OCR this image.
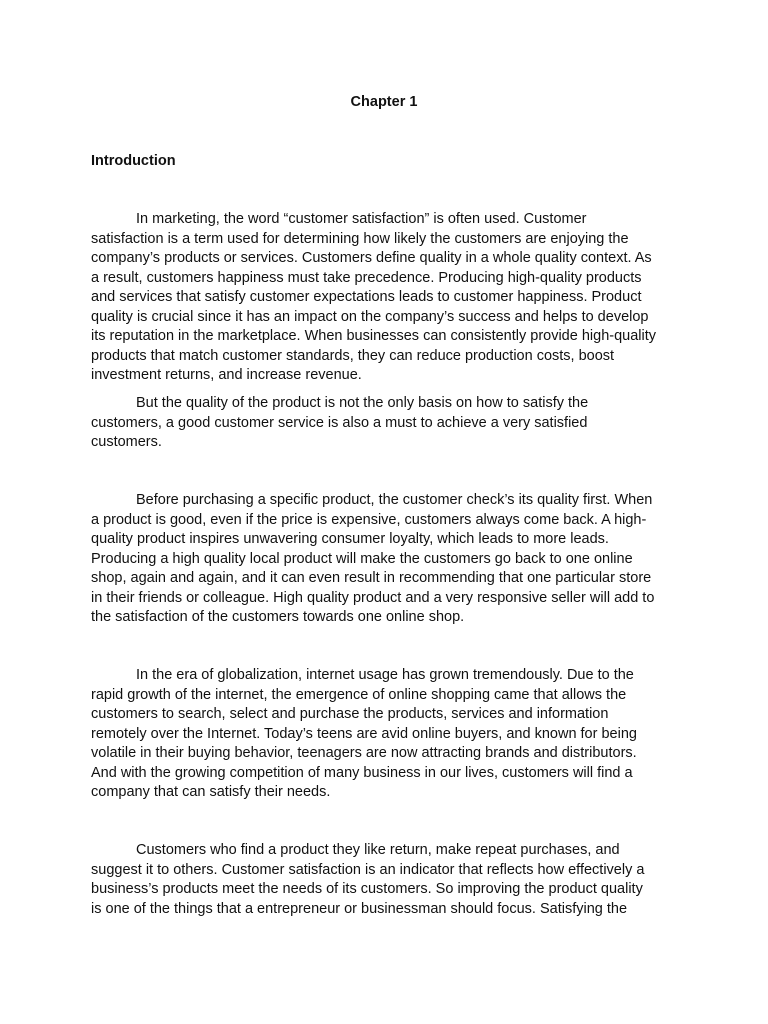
Chapter 1
Introduction

In marketing, the word “customer satisfaction” is often used. Customer
satisfaction is a term used for determining how likely the customers are enjoying the
company’s products or services. Customers define quality in a whole quality context. As
a result, customers happiness must take precedence. Producing high-quality products
and services that satisfy customer expectations leads to customer happiness. Product
quality is crucial since it has an impact on the company’s success and helps to develop
its reputation in the marketplace. When businesses can consistently provide high-quality
products that match customer standards, they can reduce production costs, boost
investment returns, and increase revenue.

But the quality of the product is not the only basis on how to satisfy the
customers, a good customer service is also a must to achieve a very satisfied
customers.

Before purchasing a specific product, the customer check’s its quality first. When
a product is good, even if the price is expensive, customers always come back. A high-
quality product inspires unwavering consumer loyalty, which leads to more leads.
Producing a high quality local product will make the customers go back to one online
shop, again and again, and it can even result in recommending that one particular store
in their friends or colleague. High quality product and a very responsive seller will add to
the satisfaction of the customers towards one online shop.

In the era of globalization, internet usage has grown tremendously. Due to the
rapid growth of the internet, the emergence of online shopping came that allows the
customers to search, select and purchase the products, services and information
remotely over the Internet. Today’s teens are avid online buyers, and known for being
volatile in their buying behavior, teenagers are now attracting brands and distributors.
And with the growing competition of many business in our lives, customers will find a
company that can satisfy their needs.

Customers who find a product they like return, make repeat purchases, and
suggest it to others. Customer satisfaction is an indicator that reflects how effectively a
business’s products meet the needs of its customers. So improving the product quality
is one of the things that a entrepreneur or businessman should focus. Satisfying the
